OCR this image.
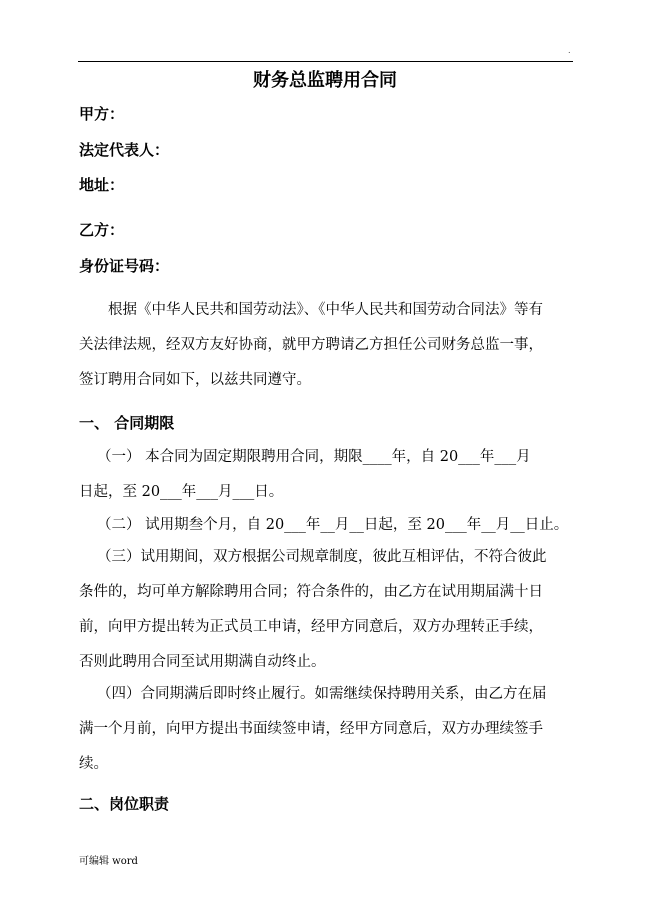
.
财务总监聘用合同
甲方：
法定代表人：
地址：
乙方：
身份证号码：
根据《中华人民共和国劳动法》、《中华人民共和国劳动合同法》等有
关法律法规，经双方友好协商，就甲方聘请乙方担任公司财务总监一事，
签订聘用合同如下，以兹共同遵守。
一、 合同期限
（一） 本合同为固定期限聘用合同，期限____年，自 20___年___月
日起，至 20___年___月___日。
（二） 试用期叁个月，自 20___年__月__日起，至 20___年__月__日止。
（三）试用期间，双方根据公司规章制度，彼此互相评估，不符合彼此
条件的，均可单方解除聘用合同；符合条件的，由乙方在试用期届满十日
前，向甲方提出转为正式员工申请，经甲方同意后，双方办理转正手续，
否则此聘用合同至试用期满自动终止。
（四）合同期满后即时终止履行。如需继续保持聘用关系，由乙方在届
满一个月前，向甲方提出书面续签申请，经甲方同意后，双方办理续签手
续。
二、岗位职责
可编辑 word
